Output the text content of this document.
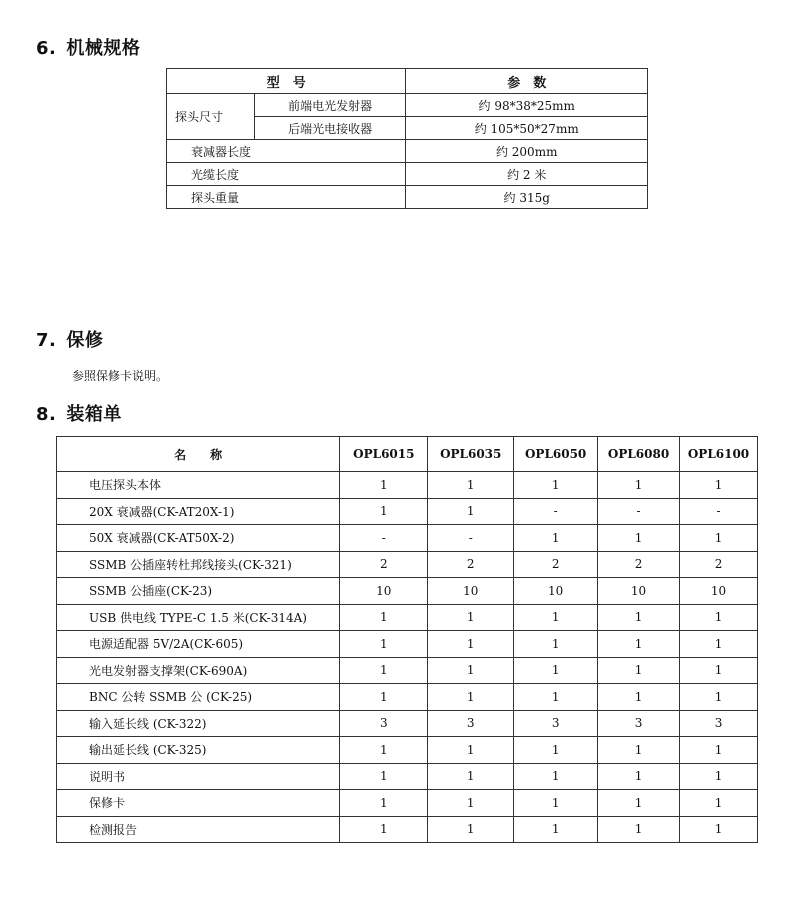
6. 机械规格
型　号		参　数
探头尺寸	前端电光发射器	约 98*38*25mm
	后端光电接收器	约 105*50*27mm
衰减器长度		约 200mm
光缆长度		约 2 米
探头重量		约 315g
7. 保修
参照保修卡说明。
8. 装箱单
名　　称	OPL6015	OPL6035	OPL6050	OPL6080	OPL6100
电压探头本体	1	1	1	1	1
20X 衰减器(CK-AT20X-1)	1	1	-	-	-
50X 衰减器(CK-AT50X-2)	-	-	1	1	1
SSMB 公插座转杜邦线接头(CK-321)	2	2	2	2	2
SSMB 公插座(CK-23)	10	10	10	10	10
USB 供电线 TYPE-C 1.5 米(CK-314A)	1	1	1	1	1
电源适配器 5V/2A(CK-605)	1	1	1	1	1
光电发射器支撑架(CK-690A)	1	1	1	1	1
BNC 公转 SSMB 公 (CK-25)	1	1	1	1	1
输入延长线 (CK-322)	3	3	3	3	3
输出延长线 (CK-325)	1	1	1	1	1
说明书	1	1	1	1	1
保修卡	1	1	1	1	1
检测报告	1	1	1	1	1
